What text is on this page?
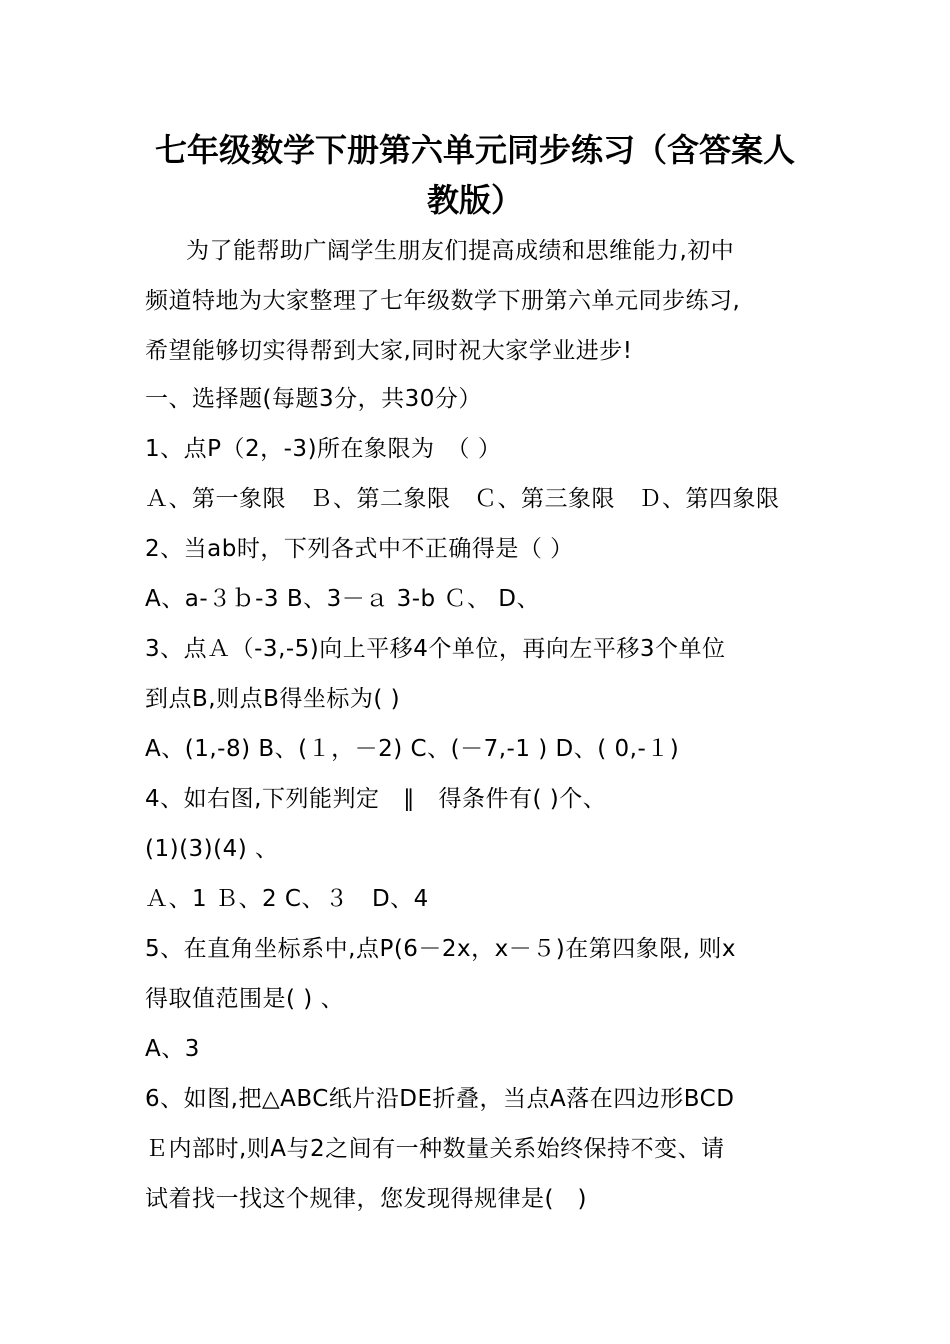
七年级数学下册第六单元同步练习（含答案人
教版）
为了能帮助广阔学生朋友们提高成绩和思维能力,初中
频道特地为大家整理了七年级数学下册第六单元同步练习,
希望能够切实得帮到大家,同时祝大家学业进步!
一、选择题(每题3分，共30分）
1、点P（2，-3)所在象限为　（ ）
Ａ、第一象限　Ｂ、第二象限　Ｃ、第三象限　Ｄ、第四象限
2、当ab时，下列各式中不正确得是（ ）
A、a-３ｂ-3 B、3－ａ 3-b Ｃ、 D、
3、点Ａ（-3,-5)向上平移4个单位，再向左平移3个单位
到点B,则点B得坐标为( )
A、(1,-8) B、(１，－2) C、(－7,-1 ) D、( 0,-１)
4、如右图,下列能判定　∥　得条件有( )个、
(1)(3)(4) 、
Ａ、1 Ｂ、2 C、３　D、4
5、在直角坐标系中,点P(6－2x，x－５)在第四象限, 则x
得取值范围是( ) 、
A、3
6、如图,把△ABC纸片沿DE折叠，当点A落在四边形BCD
Ｅ内部时,则A与2之间有一种数量关系始终保持不变、请
试着找一找这个规律，您发现得规律是(　)
